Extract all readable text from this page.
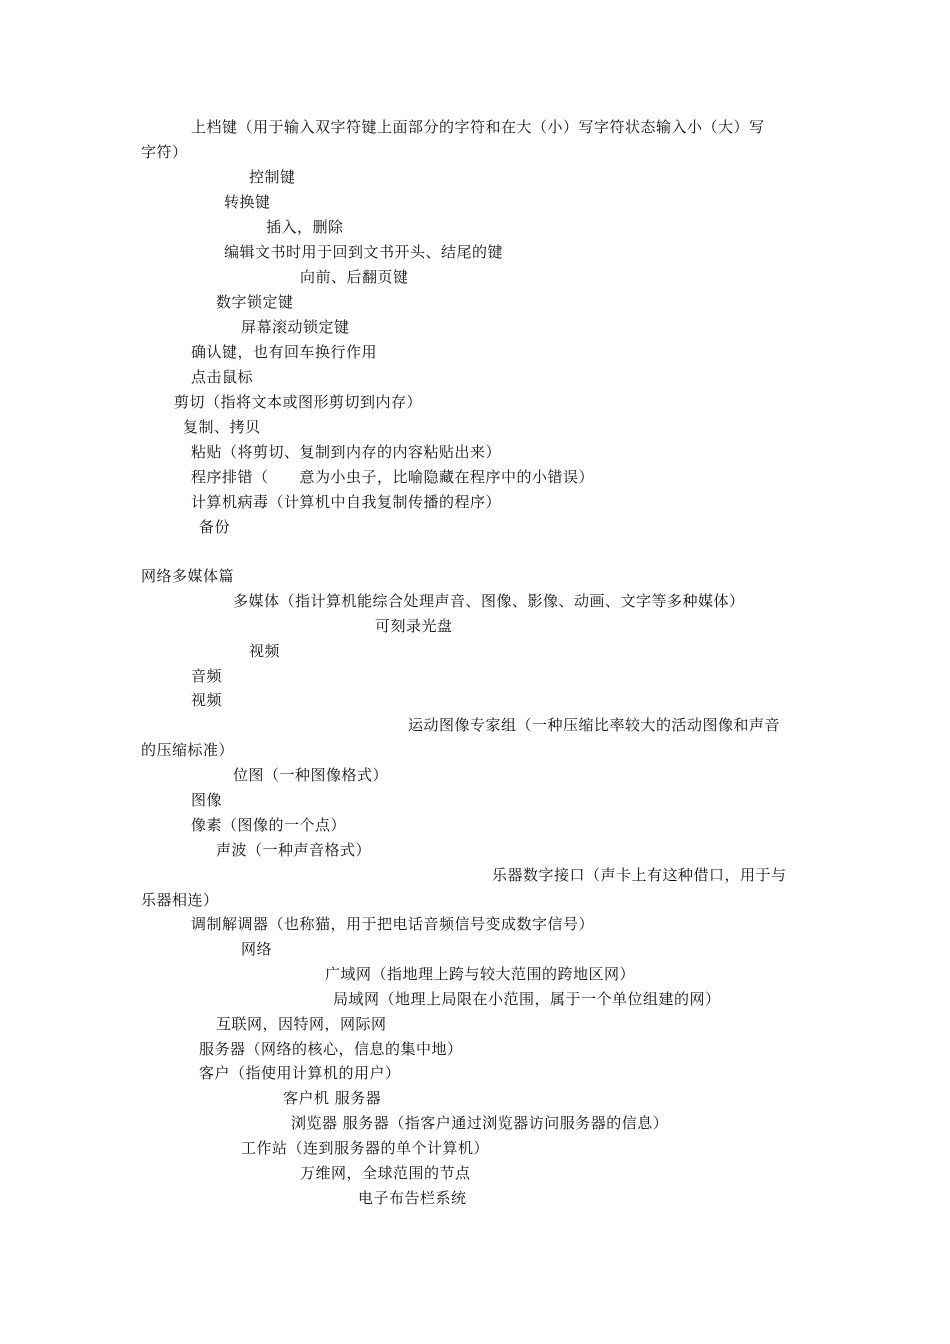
上档键（用于输入双字符键上面部分的字符和在大（小）写字符状态输入小（大）写
字符）
控制键
转换键
插入，删除
编辑文书时用于回到文书开头、结尾的键
向前、后翻页键
数字锁定键
屏幕滚动锁定键
确认键，也有回车换行作用
点击鼠标
剪切（指将文本或图形剪切到内存）
复制、拷贝
粘贴（将剪切、复制到内存的内容粘贴出来）
程序排错（　　意为小虫子，比喻隐藏在程序中的小错误）
计算机病毒（计算机中自我复制传播的程序）
备份
网络多媒体篇
多媒体（指计算机能综合处理声音、图像、影像、动画、文字等多种媒体）
可刻录光盘
视频
音频
视频
运动图像专家组（一种压缩比率较大的活动图像和声音
的压缩标准）
位图（一种图像格式）
图像
像素（图像的一个点）
声波（一种声音格式）
乐器数字接口（声卡上有这种借口，用于与
乐器相连）
调制解调器（也称猫，用于把电话音频信号变成数字信号）
网络
广域网（指地理上跨与较大范围的跨地区网）
局域网（地理上局限在小范围，属于一个单位组建的网）
互联网，因特网，网际网
服务器（网络的核心，信息的集中地）
客户（指使用计算机的用户）
客户机 服务器
浏览器 服务器（指客户通过浏览器访问服务器的信息）
工作站（连到服务器的单个计算机）
万维网，全球范围的节点
电子布告栏系统
